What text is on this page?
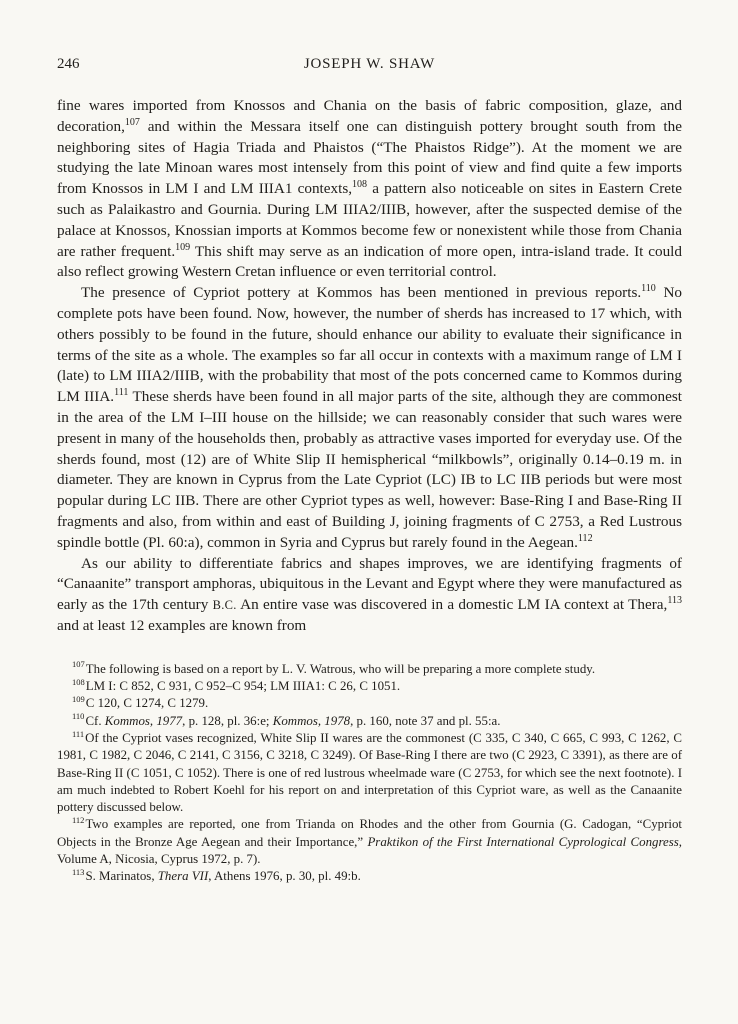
246	JOSEPH W. SHAW

fine wares imported from Knossos and Chania on the basis of fabric composition, glaze, and decoration,$^{107}$ and within the Messara itself one can distinguish pottery brought south from the neighboring sites of Hagia Triada and Phaistos (“The Phaistos Ridge”). At the moment we are studying the late Minoan wares most intensely from this point of view and find quite a few imports from Knossos in LM I and LM IIIA1 contexts,$^{108}$ a pattern also noticeable on sites in Eastern Crete such as Palaikastro and Gournia. During LM IIIA2/IIIB, however, after the suspected demise of the palace at Knossos, Knossian imports at Kommos become few or nonexistent while those from Chania are rather frequent.$^{109}$ This shift may serve as an indication of more open, intra-island trade. It could also reflect growing Western Cretan influence or even territorial control.

The presence of Cypriot pottery at Kommos has been mentioned in previous reports.$^{110}$ No complete pots have been found. Now, however, the number of sherds has increased to 17 which, with others possibly to be found in the future, should enhance our ability to evaluate their significance in terms of the site as a whole. The examples so far all occur in contexts with a maximum range of LM I (late) to LM IIIA2/IIIB, with the probability that most of the pots concerned came to Kommos during LM IIIA.$^{111}$ These sherds have been found in all major parts of the site, although they are commonest in the area of the LM I–III house on the hillside; we can reasonably consider that such wares were present in many of the households then, probably as attractive vases imported for everyday use. Of the sherds found, most (12) are of White Slip II hemispherical “milkbowls”, originally 0.14–0.19 m. in diameter. They are known in Cyprus from the Late Cypriot (LC) IB to LC IIB periods but were most popular during LC IIB. There are other Cypriot types as well, however: Base-Ring I and Base-Ring II fragments and also, from within and east of Building J, joining fragments of C 2753, a Red Lustrous spindle bottle (Pl. 60:a), common in Syria and Cyprus but rarely found in the Aegean.$^{112}$

As our ability to differentiate fabrics and shapes improves, we are identifying fragments of “Canaanite” transport amphoras, ubiquitous in the Levant and Egypt where they were manufactured as early as the 17th century B.C. An entire vase was discovered in a domestic LM IA context at Thera,$^{113}$ and at least 12 examples are known from

$^{107}$The following is based on a report by L. V. Watrous, who will be preparing a more complete study.

$^{108}$LM I: C 852, C 931, C 952–C 954; LM IIIA1: C 26, C 1051.

$^{109}$C 120, C 1274, C 1279.

$^{110}$Cf. Kommos, 1977, p. 128, pl. 36:e; Kommos, 1978, p. 160, note 37 and pl. 55:a.

$^{111}$Of the Cypriot vases recognized, White Slip II wares are the commonest (C 335, C 340, C 665, C 993, C 1262, C 1981, C 1982, C 2046, C 2141, C 3156, C 3218, C 3249). Of Base-Ring I there are two (C 2923, C 3391), as there are of Base-Ring II (C 1051, C 1052). There is one of red lustrous wheelmade ware (C 2753, for which see the next footnote). I am much indebted to Robert Koehl for his report on and interpretation of this Cypriot ware, as well as the Canaanite pottery discussed below.

$^{112}$Two examples are reported, one from Trianda on Rhodes and the other from Gournia (G. Cadogan, “Cypriot Objects in the Bronze Age Aegean and their Importance,” Praktikon of the First International Cyprological Congress, Volume A, Nicosia, Cyprus 1972, p. 7).

$^{113}$S. Marinatos, Thera VII, Athens 1976, p. 30, pl. 49:b.
